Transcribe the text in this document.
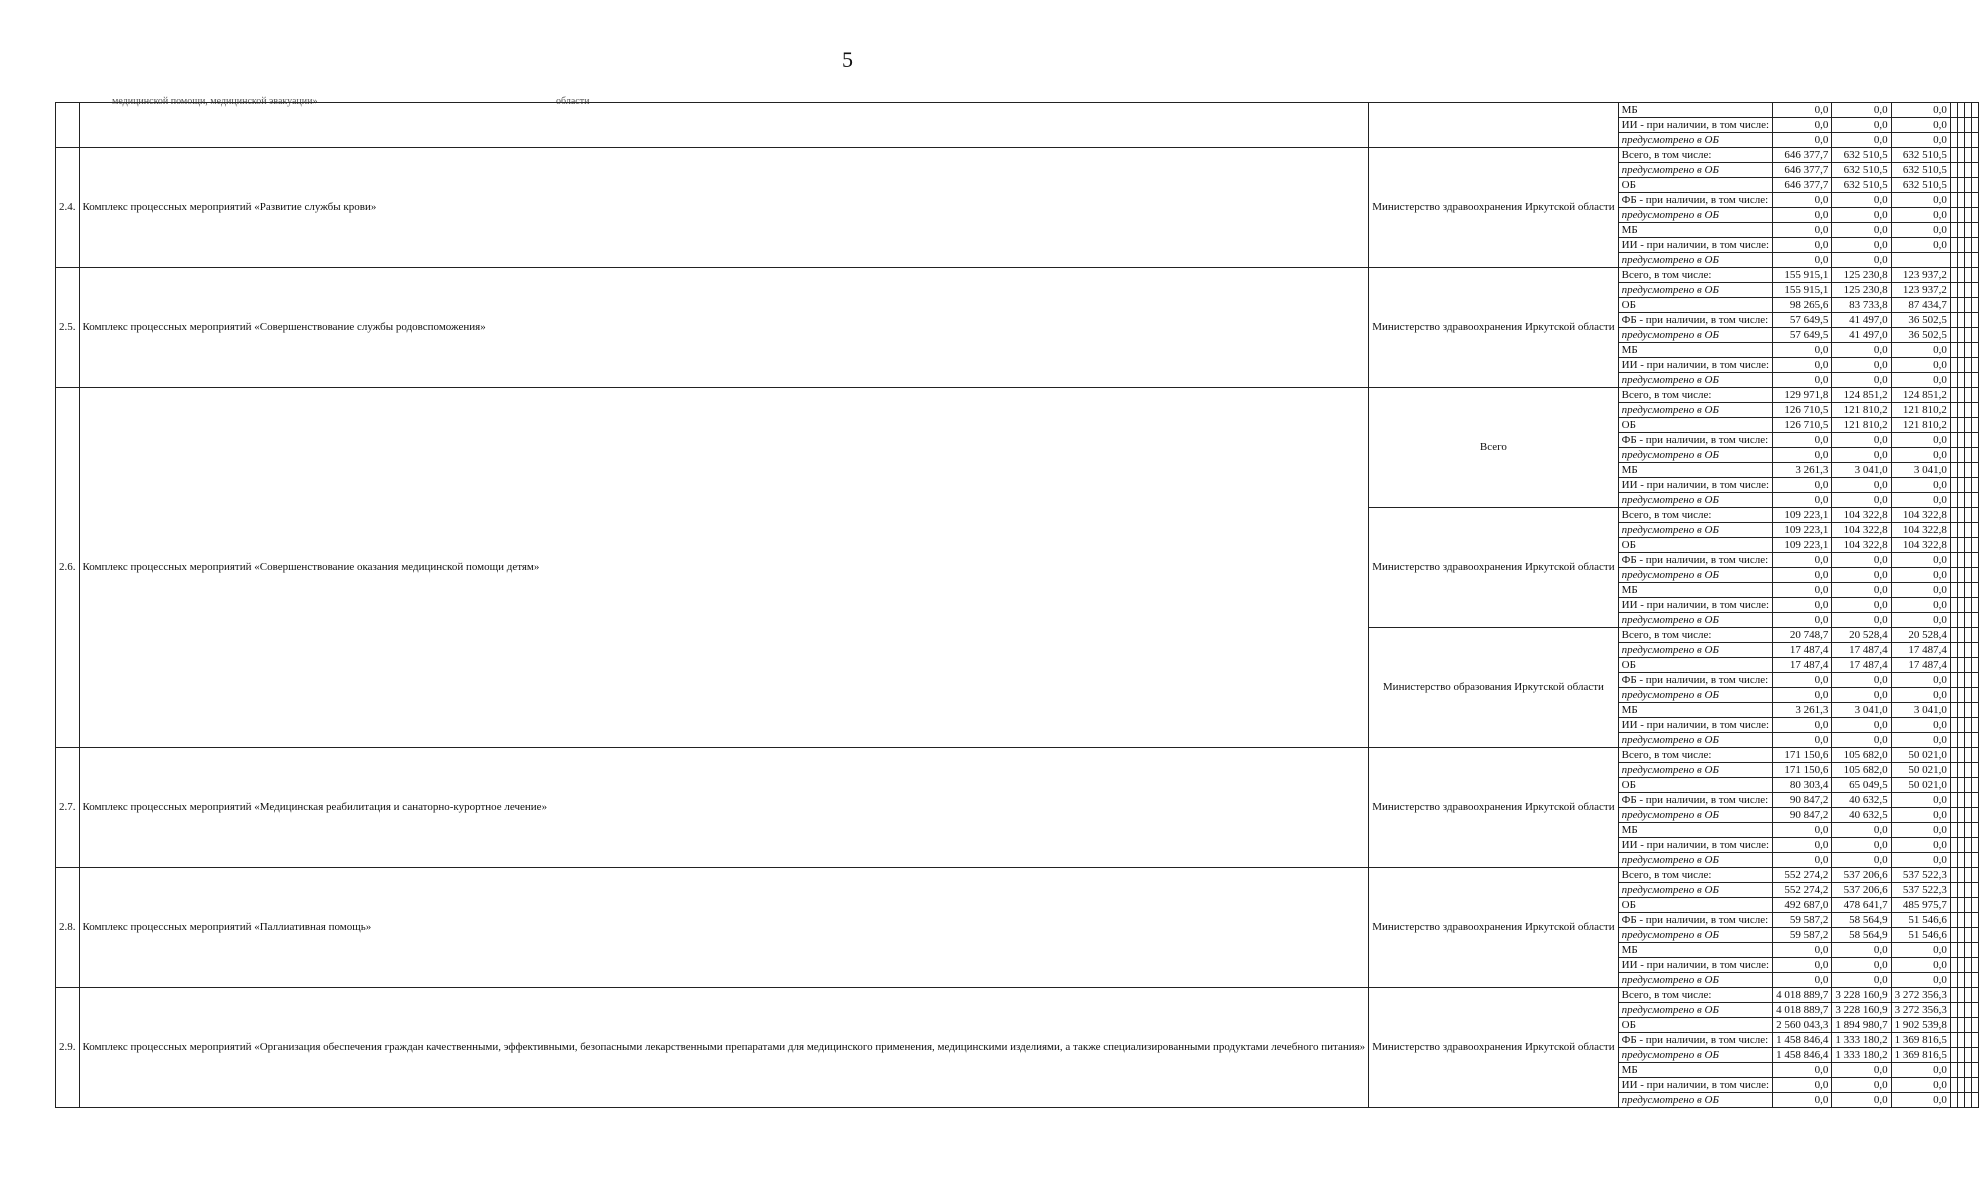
5
медицинской помощи, медицинской эвакуации»	области
			МБ	0,0	0,0	0,0				
			ИИ - при наличии, в том числе:	0,0	0,0	0,0				
			предусмотрено в ОБ	0,0	0,0	0,0				
2.4.	Комплекс процессных мероприятий «Развитие службы крови»	Министерство здравоохранения Иркутской области	Всего, в том числе:	646 377,7	632 510,5	632 510,5				
			предусмотрено в ОБ	646 377,7	632 510,5	632 510,5				
			ОБ	646 377,7	632 510,5	632 510,5				
			ФБ - при наличии, в том числе:	0,0	0,0	0,0				
			предусмотрено в ОБ	0,0	0,0	0,0				
			МБ	0,0	0,0	0,0				
			ИИ - при наличии, в том числе:	0,0	0,0	0,0				
			предусмотрено в ОБ	0,0	0,0					
2.5.	Комплекс процессных мероприятий «Совершенствование службы родовспоможения»	Министерство здравоохранения Иркутской области	Всего, в том числе:	155 915,1	125 230,8	123 937,2				
			предусмотрено в ОБ	155 915,1	125 230,8	123 937,2				
			ОБ	98 265,6	83 733,8	87 434,7				
			ФБ - при наличии, в том числе:	57 649,5	41 497,0	36 502,5				
			предусмотрено в ОБ	57 649,5	41 497,0	36 502,5				
			МБ	0,0	0,0	0,0				
			ИИ - при наличии, в том числе:	0,0	0,0	0,0				
			предусмотрено в ОБ	0,0	0,0	0,0				
2.6.	Комплекс процессных мероприятий «Совершенствование оказания медицинской помощи детям»	Всего	Всего, в том числе:	129 971,8	124 851,2	124 851,2				
			предусмотрено в ОБ	126 710,5	121 810,2	121 810,2				
			ОБ	126 710,5	121 810,2	121 810,2				
			ФБ - при наличии, в том числе:	0,0	0,0	0,0				
			предусмотрено в ОБ	0,0	0,0	0,0				
			МБ	3 261,3	3 041,0	3 041,0				
			ИИ - при наличии, в том числе:	0,0	0,0	0,0				
			предусмотрено в ОБ	0,0	0,0	0,0				
		Министерство здравоохранения Иркутской области	Всего, в том числе:	109 223,1	104 322,8	104 322,8				
			предусмотрено в ОБ	109 223,1	104 322,8	104 322,8				
			ОБ	109 223,1	104 322,8	104 322,8				
			ФБ - при наличии, в том числе:	0,0	0,0	0,0				
			предусмотрено в ОБ	0,0	0,0	0,0				
			МБ	0,0	0,0	0,0				
			ИИ - при наличии, в том числе:	0,0	0,0	0,0				
			предусмотрено в ОБ	0,0	0,0	0,0				
		Министерство образования Иркутской области	Всего, в том числе:	20 748,7	20 528,4	20 528,4				
			предусмотрено в ОБ	17 487,4	17 487,4	17 487,4				
			ОБ	17 487,4	17 487,4	17 487,4				
			ФБ - при наличии, в том числе:	0,0	0,0	0,0				
			предусмотрено в ОБ	0,0	0,0	0,0				
			МБ	3 261,3	3 041,0	3 041,0				
			ИИ - при наличии, в том числе:	0,0	0,0	0,0				
			предусмотрено в ОБ	0,0	0,0	0,0				
2.7.	Комплекс процессных мероприятий «Медицинская реабилитация и санаторно-курортное лечение»	Министерство здравоохранения Иркутской области	Всего, в том числе:	171 150,6	105 682,0	50 021,0				
			предусмотрено в ОБ	171 150,6	105 682,0	50 021,0				
			ОБ	80 303,4	65 049,5	50 021,0				
			ФБ - при наличии, в том числе:	90 847,2	40 632,5	0,0				
			предусмотрено в ОБ	90 847,2	40 632,5	0,0				
			МБ	0,0	0,0	0,0				
			ИИ - при наличии, в том числе:	0,0	0,0	0,0				
			предусмотрено в ОБ	0,0	0,0	0,0				
2.8.	Комплекс процессных мероприятий «Паллиативная помощь»	Министерство здравоохранения Иркутской области	Всего, в том числе:	552 274,2	537 206,6	537 522,3				
			предусмотрено в ОБ	552 274,2	537 206,6	537 522,3				
			ОБ	492 687,0	478 641,7	485 975,7				
			ФБ - при наличии, в том числе:	59 587,2	58 564,9	51 546,6				
			предусмотрено в ОБ	59 587,2	58 564,9	51 546,6				
			МБ	0,0	0,0	0,0				
			ИИ - при наличии, в том числе:	0,0	0,0	0,0				
			предусмотрено в ОБ	0,0	0,0	0,0				
2.9.	Комплекс процессных мероприятий «Организация обеспечения граждан качественными, эффективными, безопасными лекарственными препаратами для медицинского применения, медицинскими изделиями, а также специализированными продуктами лечебного питания»	Министерство здравоохранения Иркутской области	Всего, в том числе:	4 018 889,7	3 228 160,9	3 272 356,3				
			предусмотрено в ОБ	4 018 889,7	3 228 160,9	3 272 356,3				
			ОБ	2 560 043,3	1 894 980,7	1 902 539,8				
			ФБ - при наличии, в том числе:	1 458 846,4	1 333 180,2	1 369 816,5				
			предусмотрено в ОБ	1 458 846,4	1 333 180,2	1 369 816,5				
			МБ	0,0	0,0	0,0				
			ИИ - при наличии, в том числе:	0,0	0,0	0,0				
			предусмотрено в ОБ	0,0	0,0	0,0				
